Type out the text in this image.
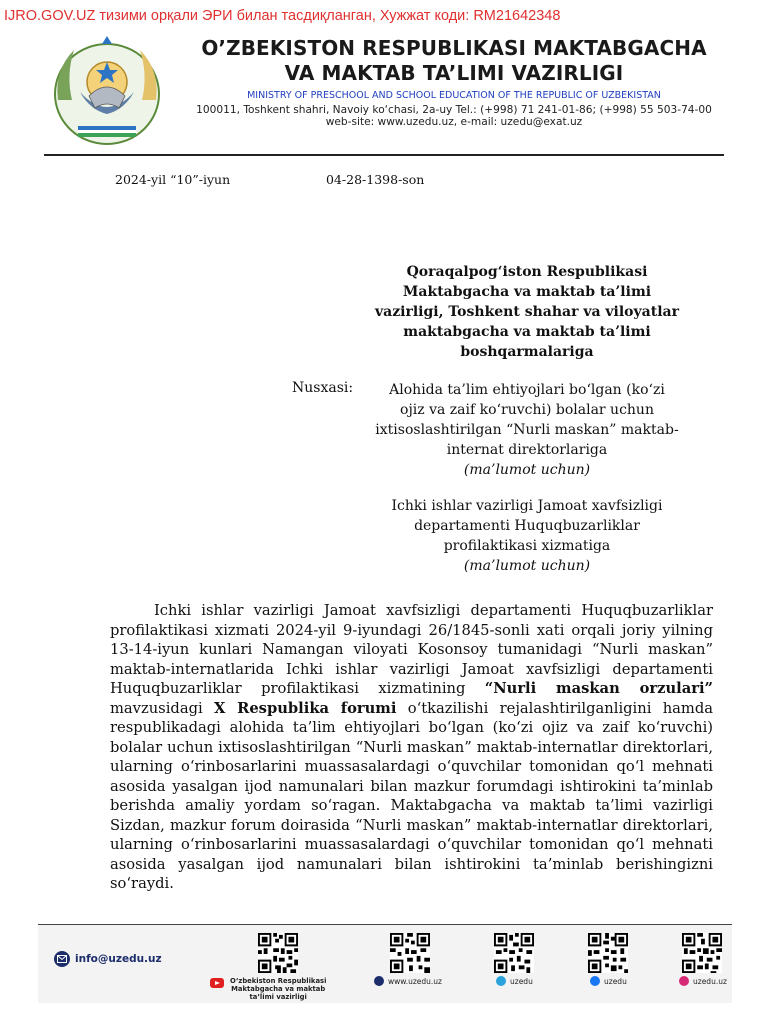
IJRO.GOV.UZ тизими орқали ЭРИ билан тасдиқланган, Хужжат коди: RM21642348
O’ZBEKISTON RESPUBLIKASI MAKTABGACHA
VA MAKTAB TA’LIMI VAZIRLIGI
MINISTRY OF PRESCHOOL AND SCHOOL EDUCATION OF THE REPUBLIC OF UZBEKISTAN
100011, Toshkent shahri, Navoiy ko‘chasi, 2a-uy Tel.: (+998) 71 241-01-86; (+998) 55 503-74-00
web-site: www.uzedu.uz, e-mail: uzedu@exat.uz
2024-yil “10”-iyun	04-28-1398-son
Qoraqalpog‘iston Respublikasi
Maktabgacha va maktab ta’limi
vazirligi, Toshkent shahar va viloyatlar
maktabgacha va maktab ta’limi
boshqarmalariga
Nusxasi:	Alohida ta’lim ehtiyojlari bo‘lgan (ko‘zi
ojiz va zaif ko‘ruvchi) bolalar uchun
ixtisoslashtirilgan “Nurli maskan” maktab-
internat direktorlariga
(ma’lumot uchun)
Ichki ishlar vazirligi Jamoat xavfsizligi
departamenti Huquqbuzarliklar
profilaktikasi xizmatiga
(ma’lumot uchun)

Ichki ishlar vazirligi Jamoat xavfsizligi departamenti Huquqbuzarliklar profilaktikasi xizmati 2024-yil 9-iyundagi 26/1845-sonli xati orqali joriy yilning 13-14-iyun kunlari Namangan viloyati Kosonsoy tumanidagi “Nurli maskan” maktab-internatlarida Ichki ishlar vazirligi Jamoat xavfsizligi departamenti Huquqbuzarliklar profilaktikasi xizmatining “Nurli maskan orzulari” mavzusidagi X Respublika forumi o‘tkazilishi rejalashtirilganligini hamda respublikadagi alohida ta’lim ehtiyojlari bo‘lgan (ko‘zi ojiz va zaif ko‘ruvchi) bolalar uchun ixtisoslashtirilgan “Nurli maskan” maktab-internatlar direktorlari, ularning o‘rinbosarlarini muassasalardagi o‘quvchilar tomonidan qo‘l mehnati asosida yasalgan ijod namunalari bilan mazkur forumdagi ishtirokini ta’minlab berishda amaliy yordam so‘ragan. Maktabgacha va maktab ta’limi vazirligi Sizdan, mazkur forum doirasida “Nurli maskan” maktab-internatlar direktorlari, ularning o‘rinbosarlarini muassasalardagi o‘quvchilar tomonidan qo‘l mehnati asosida yasalgan ijod namunalari bilan ishtirokini ta’minlab berishingizni so‘raydi.

info@uzedu.uz
O‘zbekiston Respublikasi
Maktabgacha va maktab
ta’limi vazirligi
www.uzedu.uz	uzedu	uzedu	uzedu.uz
